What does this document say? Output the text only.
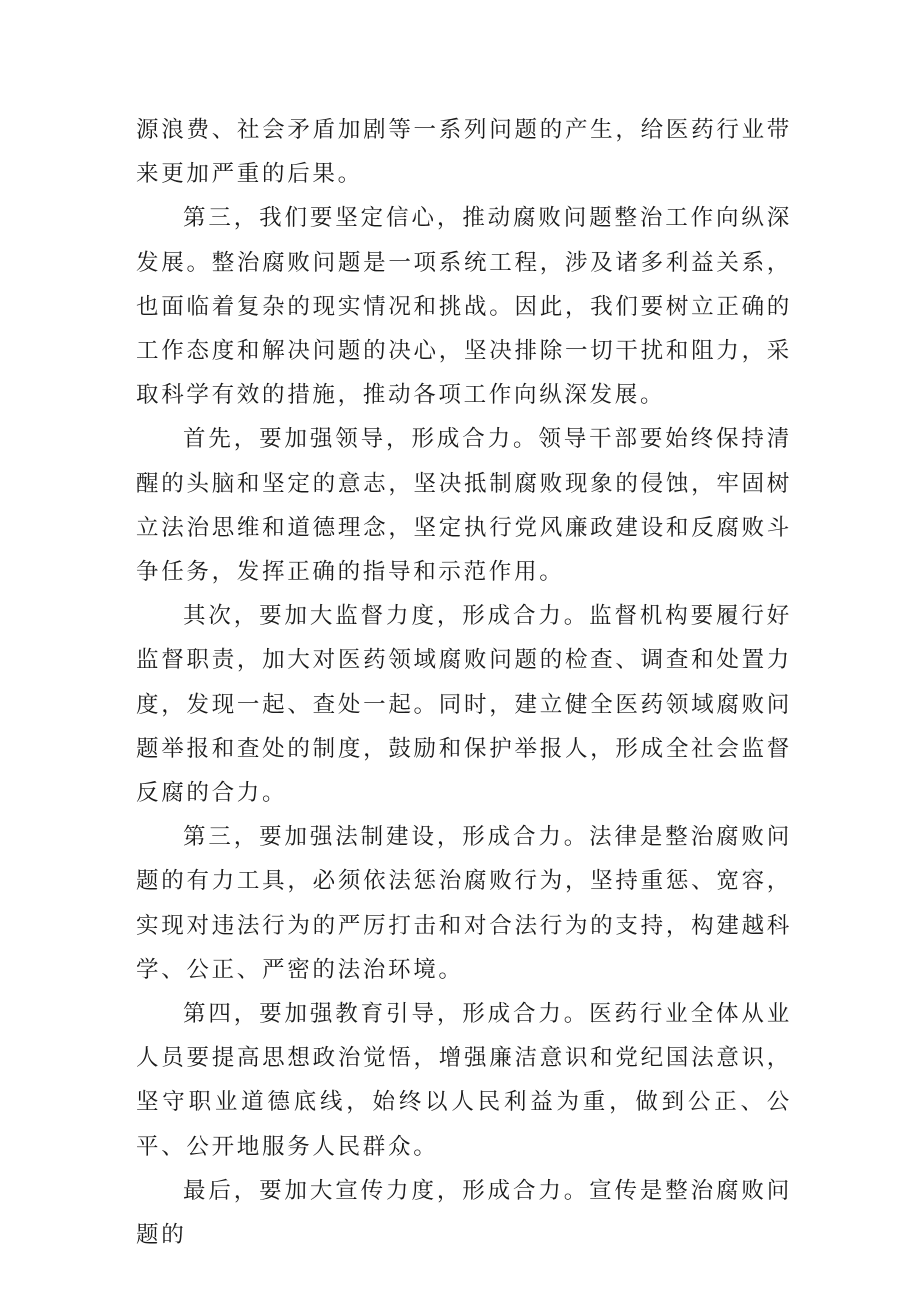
源浪费、社会矛盾加剧等一系列问题的产生，给医药行业带来更加严重的后果。

第三，我们要坚定信心，推动腐败问题整治工作向纵深发展。整治腐败问题是一项系统工程，涉及诸多利益关系，也面临着复杂的现实情况和挑战。因此，我们要树立正确的工作态度和解决问题的决心，坚决排除一切干扰和阻力，采取科学有效的措施，推动各项工作向纵深发展。

首先，要加强领导，形成合力。领导干部要始终保持清醒的头脑和坚定的意志，坚决抵制腐败现象的侵蚀，牢固树立法治思维和道德理念，坚定执行党风廉政建设和反腐败斗争任务，发挥正确的指导和示范作用。

其次，要加大监督力度，形成合力。监督机构要履行好监督职责，加大对医药领域腐败问题的检查、调查和处置力度，发现一起、查处一起。同时，建立健全医药领域腐败问题举报和查处的制度，鼓励和保护举报人，形成全社会监督反腐的合力。

第三，要加强法制建设，形成合力。法律是整治腐败问题的有力工具，必须依法惩治腐败行为，坚持重惩、宽容，实现对违法行为的严厉打击和对合法行为的支持，构建越科学、公正、严密的法治环境。

第四，要加强教育引导，形成合力。医药行业全体从业人员要提高思想政治觉悟，增强廉洁意识和党纪国法意识，坚守职业道德底线，始终以人民利益为重，做到公正、公平、公开地服务人民群众。

最后，要加大宣传力度，形成合力。宣传是整治腐败问题的
